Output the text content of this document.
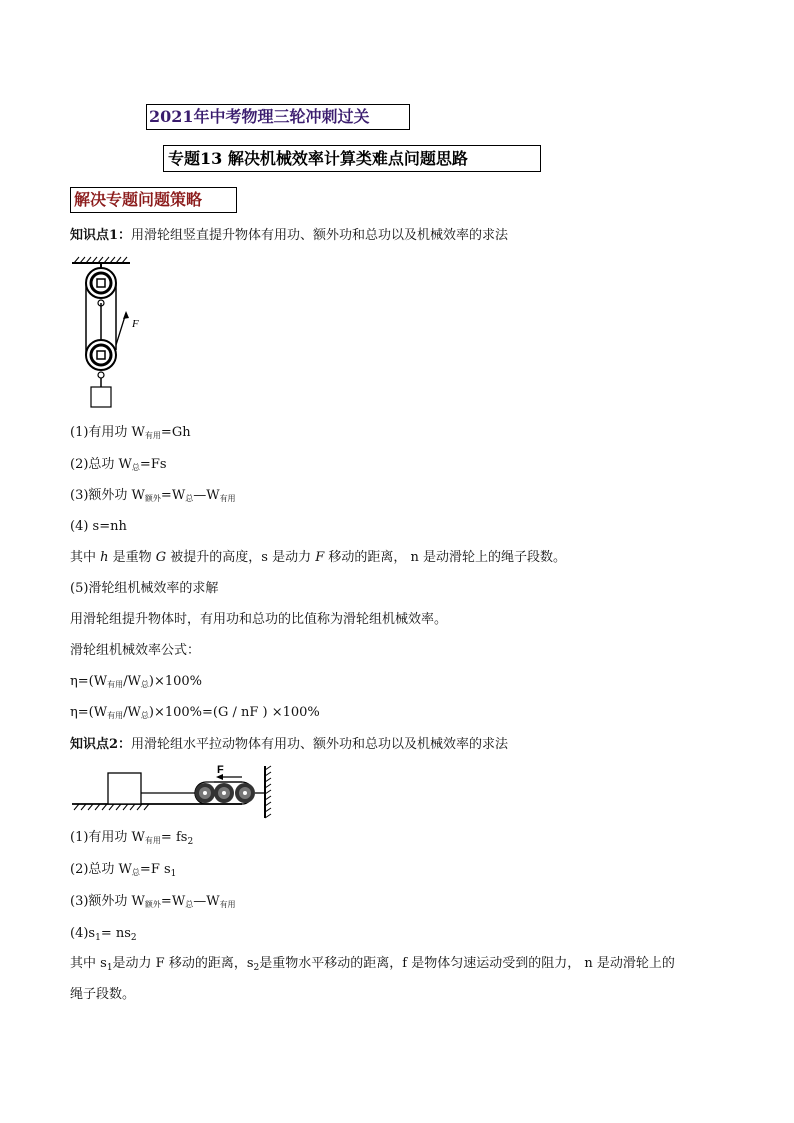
2021年中考物理三轮冲刺过关
专题13 解决机械效率计算类难点问题思路
解决专题问题策略
知识点1：用滑轮组竖直提升物体有用功、额外功和总功以及机械效率的求法
F
(1)有用功 $W_{有用}=Gh$
(2)总功 $W_总=Fs$
(3)额外功 $W_{额外}=W_总—W_{有用}$
(4) s=nh
其中 h 是重物 G 被提升的高度，s 是动力 F 移动的距离， n 是动滑轮上的绳子段数。
(5)滑轮组机械效率的求解
用滑轮组提升物体时，有用功和总功的比值称为滑轮组机械效率。
滑轮组机械效率公式：
$\eta=(W_{有用}/W_总)\times 100\%$
$\eta=(W_{有用}/W_总)\times 100\%=(G$ / nF ) ×100%
知识点2：用滑轮组水平拉动物体有用功、额外功和总功以及机械效率的求法
F
(1)有用功 $W_{有用}= fs_2$
(2)总功 $W_总=F$ $s_1$
(3)额外功 $W_{额外}=W_总—W_{有用}$
$(4)s_1= ns_2$
其中 $s_1$是动力 F 移动的距离，$s_2$是重物水平移动的距离，f 是物体匀速运动受到的阻力， n 是动滑轮上的
绳子段数。
